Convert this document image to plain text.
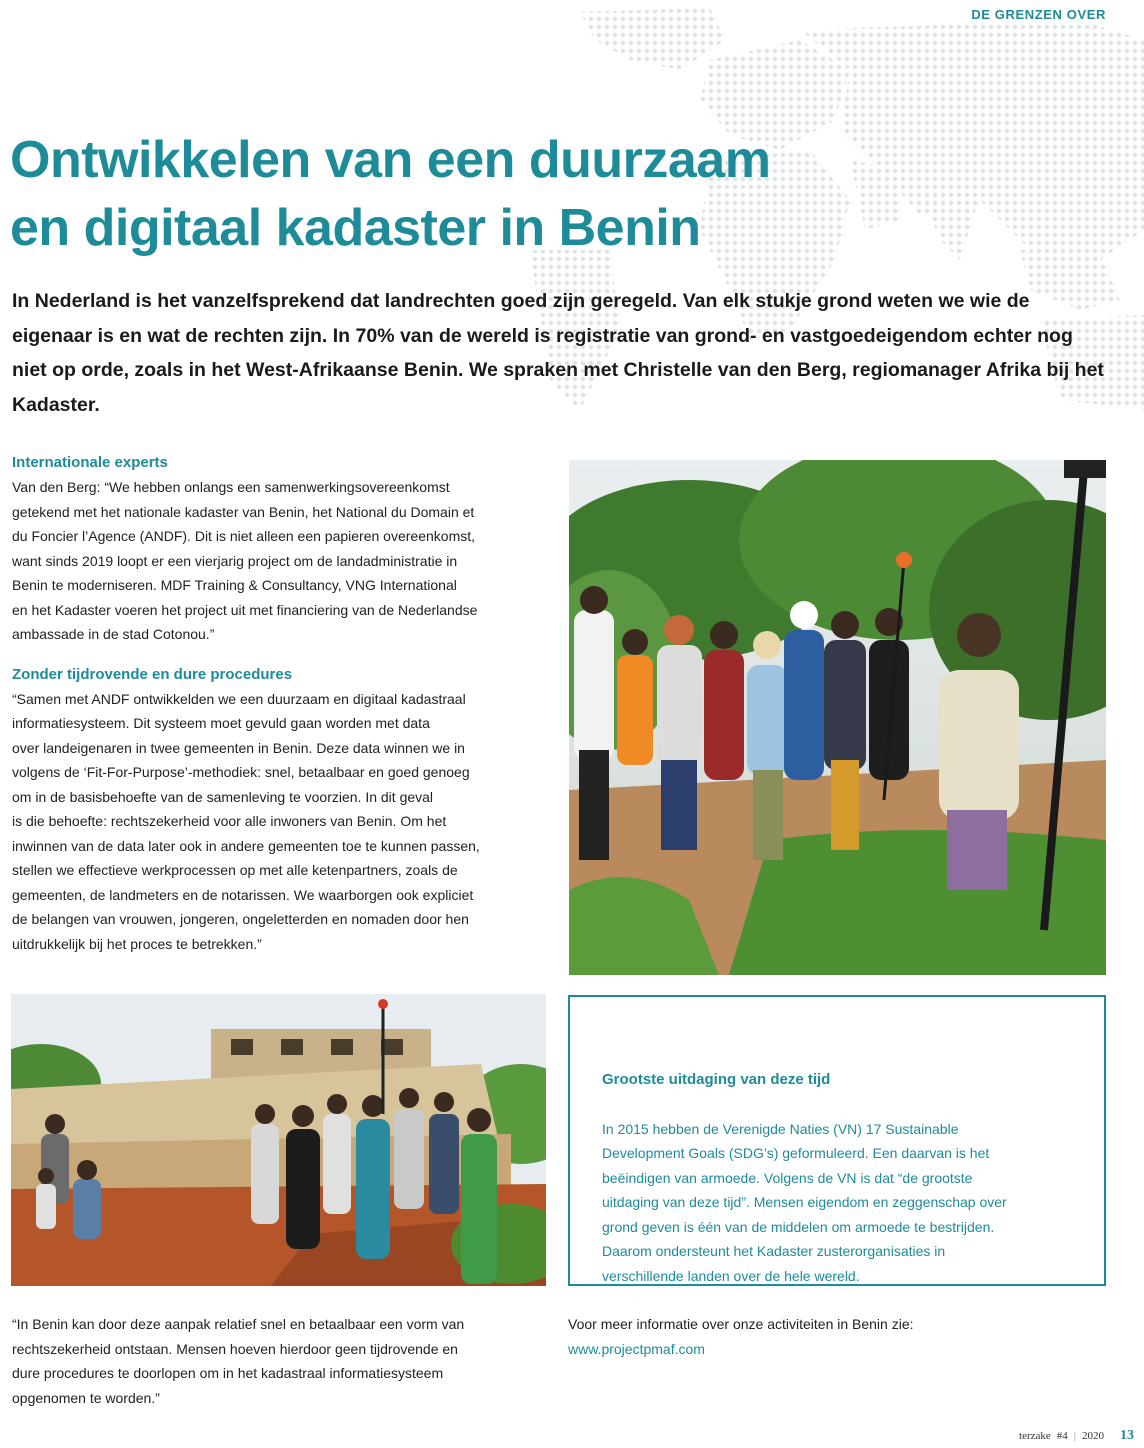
DE GRENZEN OVER
Ontwikkelen van een duurzaam
en digitaal kadaster in Benin

In Nederland is het vanzelfsprekend dat landrechten goed zijn geregeld. Van elk stukje grond weten we wie de eigenaar is en wat de rechten zijn. In 70% van de wereld is registratie van grond- en vastgoedeigendom echter nog niet op orde, zoals in het West-Afrikaanse Benin. We spraken met Christelle van den Berg, regiomanager Afrika bij het Kadaster.

Internationale experts
Van den Berg: “We hebben onlangs een samenwerkingsovereenkomst
getekend met het nationale kadaster van Benin, het National du Domain et
du Foncier l’Agence (ANDF). Dit is niet alleen een papieren overeenkomst,
want sinds 2019 loopt er een vierjarig project om de landadministratie in
Benin te moderniseren. MDF Training & Consultancy, VNG International
en het Kadaster voeren het project uit met financiering van de Nederlandse
ambassade in de stad Cotonou.”
Zonder tijdrovende en dure procedures
“Samen met ANDF ontwikkelden we een duurzaam en digitaal kadastraal
informatiesysteem. Dit systeem moet gevuld gaan worden met data
over landeigenaren in twee gemeenten in Benin. Deze data winnen we in
volgens de ‘Fit-For-Purpose’-methodiek: snel, betaalbaar en goed genoeg
om in de basisbehoefte van de samenleving te voorzien. In dit geval
is die behoefte: rechtszekerheid voor alle inwoners van Benin. Om het
inwinnen van de data later ook in andere gemeenten toe te kunnen passen,
stellen we effectieve werkprocessen op met alle ketenpartners, zoals de
gemeenten, de landmeters en de notarissen. We waarborgen ook expliciet
de belangen van vrouwen, jongeren, ongeletterden en nomaden door hen
uitdrukkelijk bij het proces te betrekken.”

Grootste uitdaging van deze tijd

In 2015 hebben de Verenigde Naties (VN) 17 Sustainable
Development Goals (SDG’s) geformuleerd. Een daarvan is het
beëindigen van armoede. Volgens de VN is dat “de grootste
uitdaging van deze tijd”. Mensen eigendom en zeggenschap over
grond geven is één van de middelen om armoede te bestrijden.
Daarom ondersteunt het Kadaster zusterorganisaties in
verschillende landen over de hele wereld.

“In Benin kan door deze aanpak relatief snel en betaalbaar een vorm van
rechtszekerheid ontstaan. Mensen hoeven hierdoor geen tijdrovende en
dure procedures te doorlopen om in het kadastraal informatiesysteem
opgenomen te worden.”
Voor meer informatie over onze activiteiten in Benin zie:
www.projectpmaf.com
terzake #4 | 2020 13
